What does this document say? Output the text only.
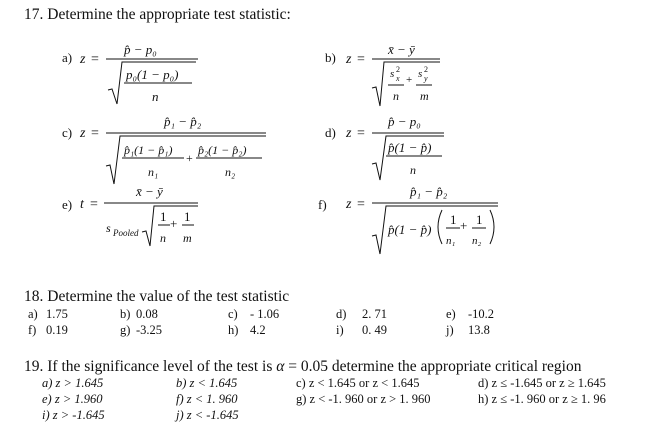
17. Determine the appropriate test statistic:
a) z =
p̂ − p₀
p₀(1 − p₀)
n
b) z =
x̄ − ȳ
s 2
x + s 2
y
n m
c) z =
p̂₁ − p̂₂
p̂₁(1 − p̂₁)
+
p̂₂(1 − p̂₂)
n₁	n₂
d) z =
p̂ − p₀
p̂(1 − p̂)
n
e) t =
x̄ − ȳ
s Pooled
1 + 1
n m
f) z =
p̂₁ − p̂₂
p̂(1 − p̂)
1 + 1
n₁ n₂
18. Determine the value of the test statistic
a) 1.75	b) 0.08	c) - 1.06	d) 2. 71	e) -10.2
f) 0.19	g) -3.25	h) 4.2	i) 0. 49	j) 13.8
19. If the significance level of the test is α = 0.05 determine the appropriate critical region
a) z > 1.645	b) z < 1.645	c) z < 1.645 or z < 1.645	d) z ≤ -1.645 or z ≥ 1.645
e) z > 1.960	f) z < 1. 960	g) z < -1. 960 or z > 1. 960	h) z ≤ -1. 960 or z ≥ 1. 96
i) z > -1.645	j) z < -1.645
